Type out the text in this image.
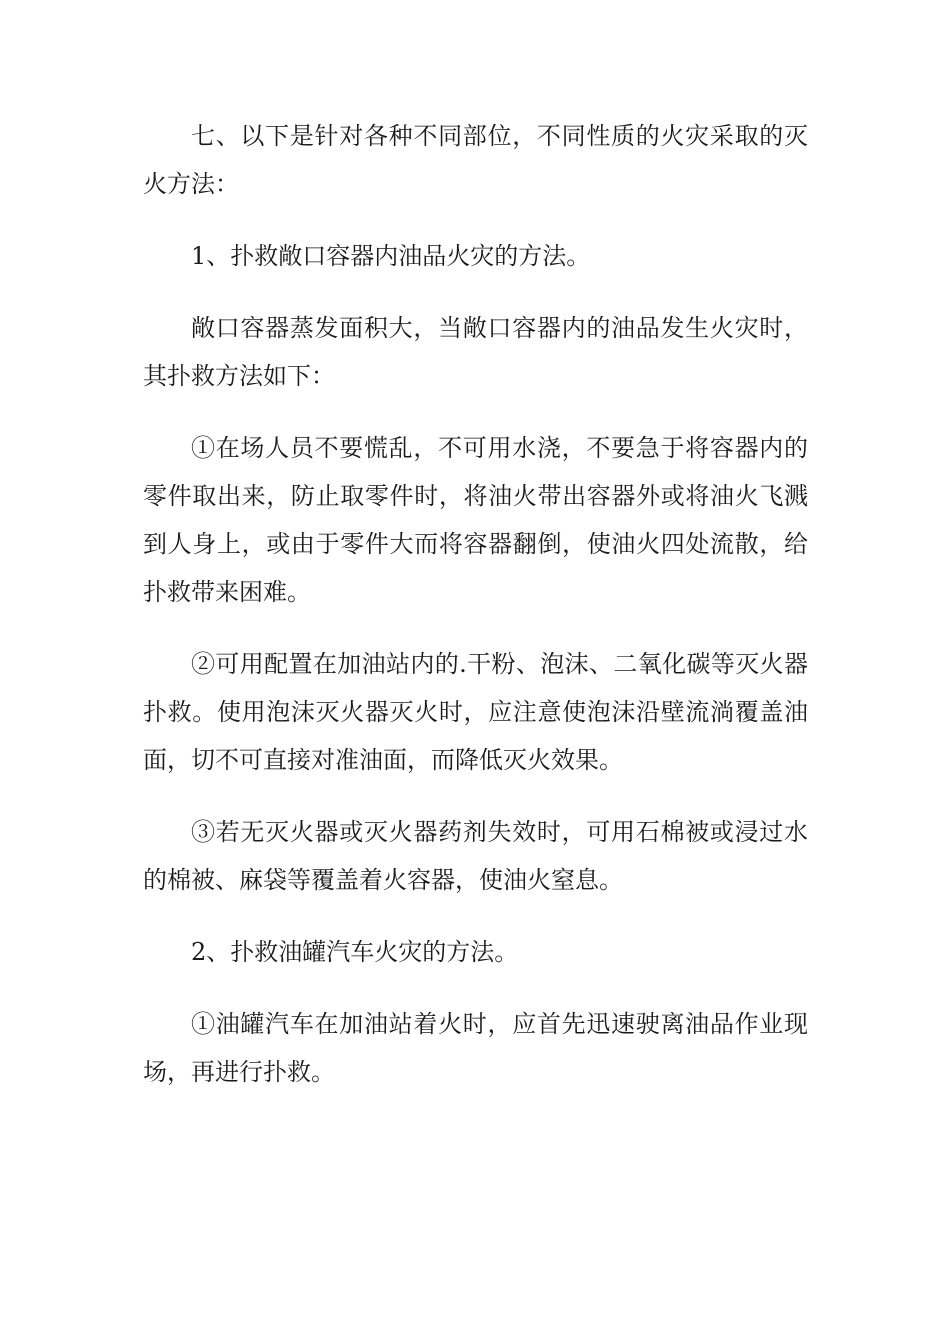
七、以下是针对各种不同部位，不同性质的火灾采取的灭火方法：

1、扑救敞口容器内油品火灾的方法。

敞口容器蒸发面积大，当敞口容器内的油品发生火灾时，其扑救方法如下：

①在场人员不要慌乱，不可用水浇，不要急于将容器内的零件取出来，防止取零件时，将油火带出容器外或将油火飞溅到人身上，或由于零件大而将容器翻倒，使油火四处流散，给扑救带来困难。

②可用配置在加油站内的.干粉、泡沫、二氧化碳等灭火器扑救。使用泡沫灭火器灭火时，应注意使泡沫沿壁流淌覆盖油面，切不可直接对准油面，而降低灭火效果。

③若无灭火器或灭火器药剂失效时，可用石棉被或浸过水的棉被、麻袋等覆盖着火容器，使油火窒息。

2、扑救油罐汽车火灾的方法。

①油罐汽车在加油站着火时，应首先迅速驶离油品作业现场，再进行扑救。
